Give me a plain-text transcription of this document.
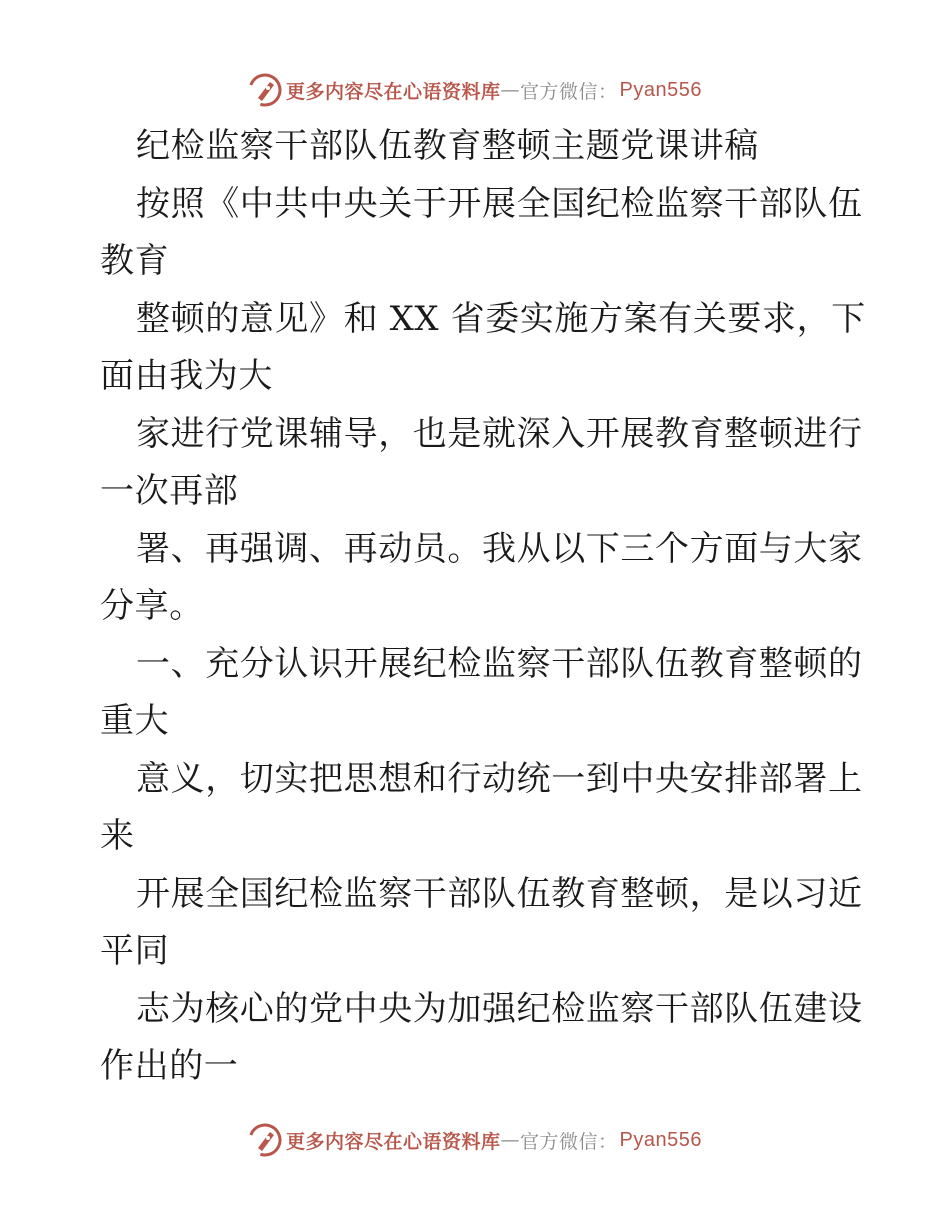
更多内容尽在心语资料库 — 官方微信： Pyan556
纪检监察干部队伍教育整顿主题党课讲稿
按照《中共中央关于开展全国纪检监察干部队伍
教育
整顿的意见》和 XX 省委实施方案有关要求，下
面由我为大
家进行党课辅导，也是就深入开展教育整顿进行
一次再部
署、再强调、再动员。我从以下三个方面与大家
分享。
一、充分认识开展纪检监察干部队伍教育整顿的
重大
意义，切实把思想和行动统一到中央安排部署上
来
开展全国纪检监察干部队伍教育整顿，是以习近
平同
志为核心的党中央为加强纪检监察干部队伍建设
作出的一
更多内容尽在心语资料库 — 官方微信： Pyan556
